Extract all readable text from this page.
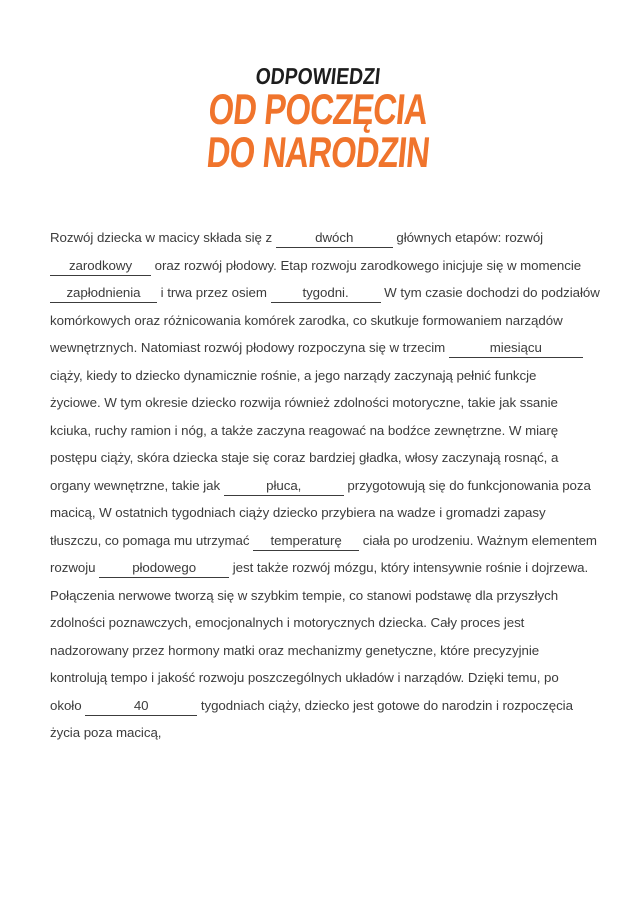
ODPOWIEDZI
OD POCZĘCIA
DO NARODZIN
Rozwój dziecka w macicy składa się z	dwóch	głównych etapów: rozwój
zarodkowy oraz rozwój płodowy. Etap rozwoju zarodkowego inicjuje się w momencie
zapłodnienia i trwa przez osiem tygodni. W tym czasie dochodzi do podziałów
komórkowych oraz różnicowania komórek zarodka, co skutkuje formowaniem narządów
wewnętrznych. Natomiast rozwój płodowy rozpoczyna się w trzecim	miesiącu
ciąży, kiedy to dziecko dynamicznie rośnie, a jego narządy zaczynają pełnić funkcje
życiowe. W tym okresie dziecko rozwija również zdolności motoryczne, takie jak ssanie
kciuka, ruchy ramion i nóg, a także zaczyna reagować na bodźce zewnętrzne. W miarę
postępu ciąży, skóra dziecka staje się coraz bardziej gładka, włosy zaczynają rosnąć, a
organy wewnętrzne, takie jak	płuca,	przygotowują się do funkcjonowania poza
macicą, W ostatnich tygodniach ciąży dziecko przybiera na wadze i gromadzi zapasy
tłuszczu, co pomaga mu utrzymać temperaturę ciała po urodzeniu. Ważnym elementem
rozwoju płodowego jest także rozwój mózgu, który intensywnie rośnie i dojrzewa.
Połączenia nerwowe tworzą się w szybkim tempie, co stanowi podstawę dla przyszłych
zdolności poznawczych, emocjonalnych i motorycznych dziecka. Cały proces jest
nadzorowany przez hormony matki oraz mechanizmy genetyczne, które precyzyjnie
kontrolują tempo i jakość rozwoju poszczególnych układów i narządów. Dzięki temu, po
około	40	tygodniach ciąży, dziecko jest gotowe do narodzin i rozpoczęcia
życia poza macicą,
